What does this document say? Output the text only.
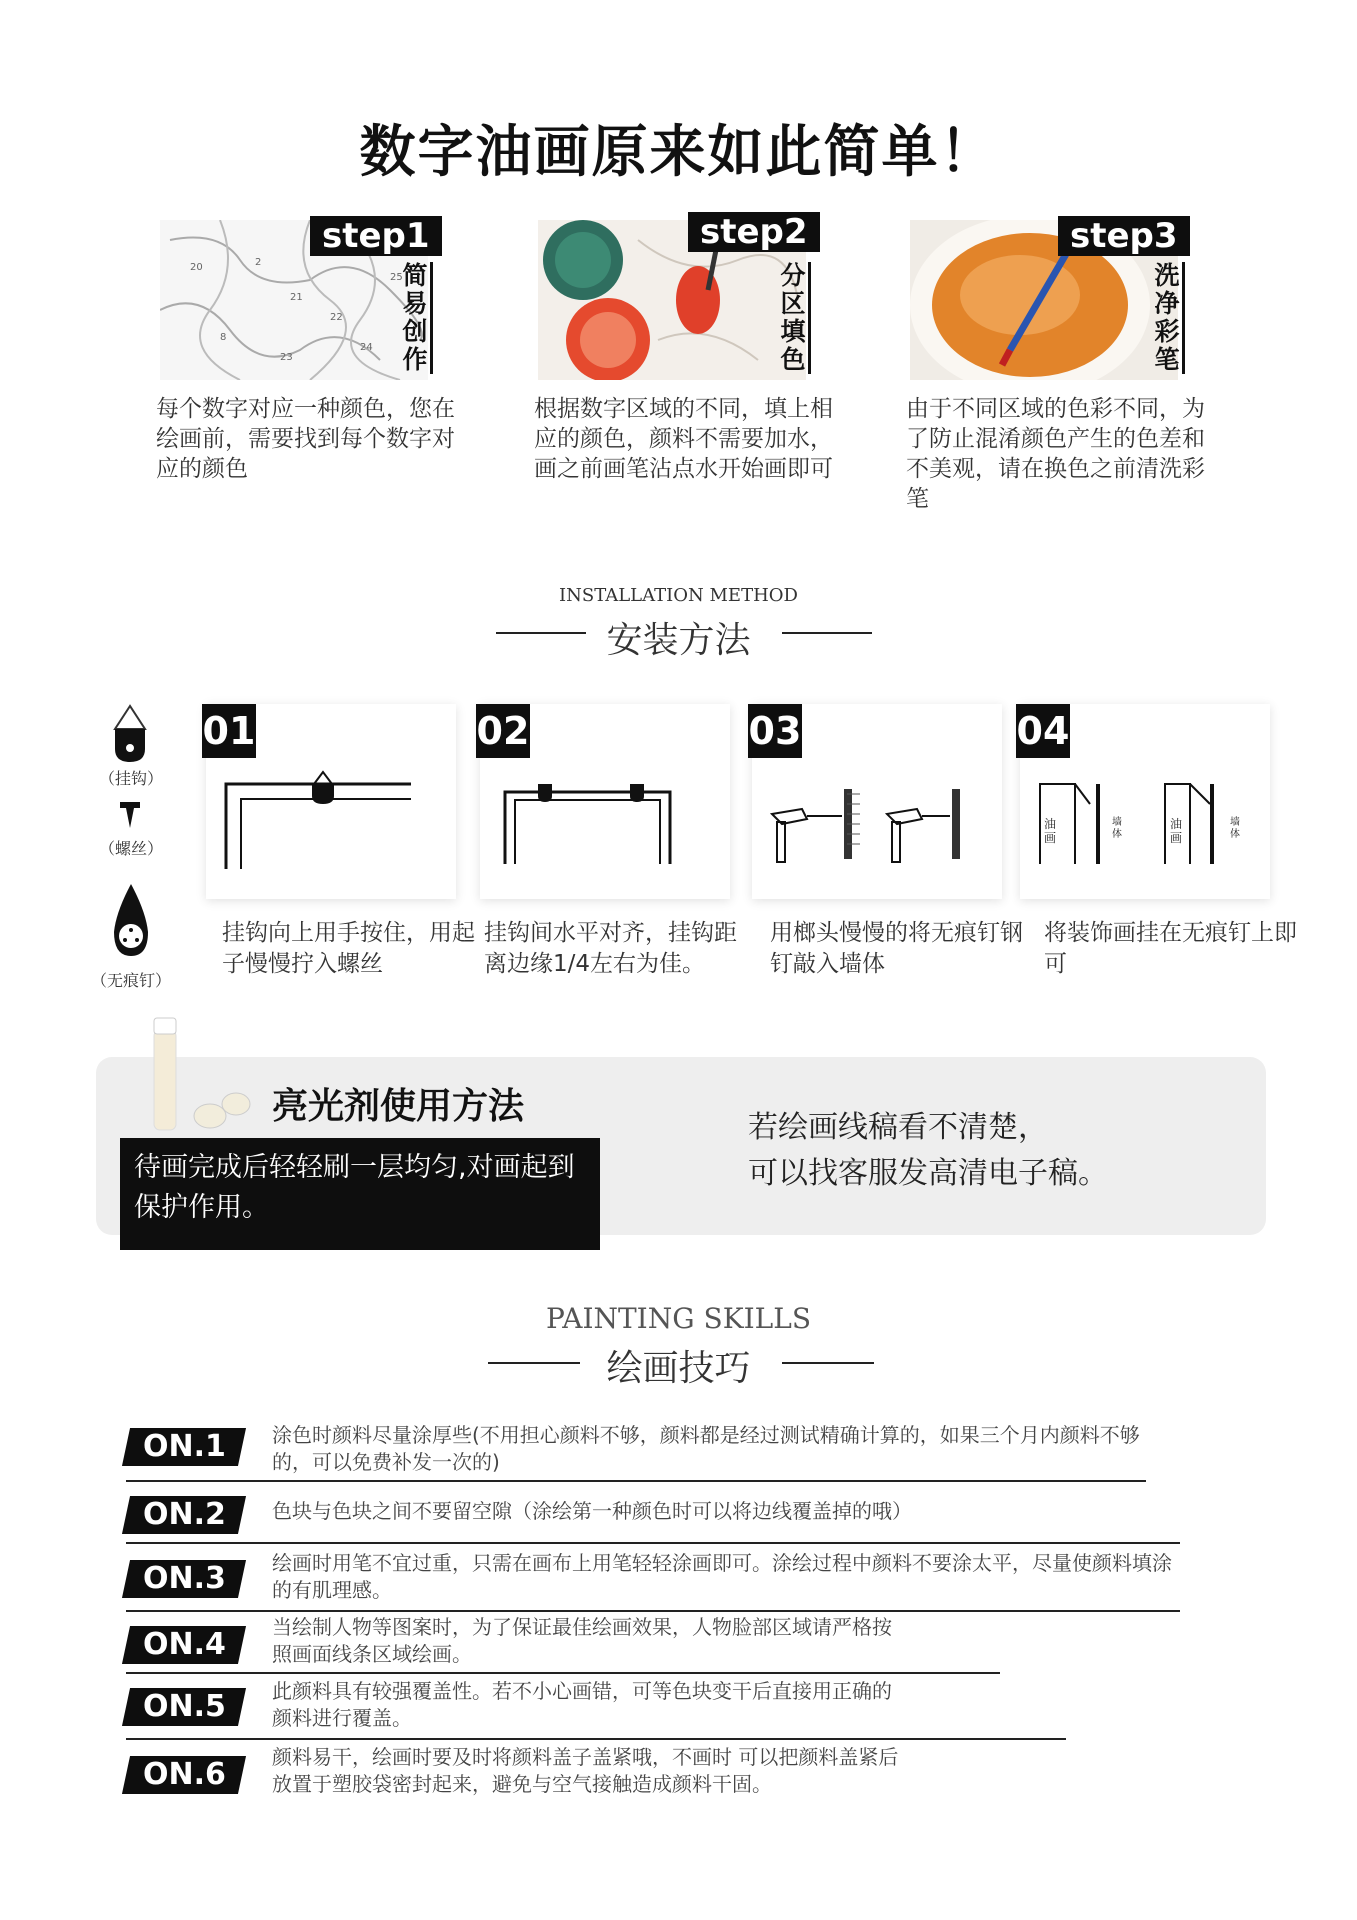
数字油画原来如此简单！
20	2
21
22
24
23
8
25
step1
简易创作
每个数字对应一种颜色，您在绘画前，需要找到每个数字对应的颜色
step2
分区填色
根据数字区域的不同，填上相应的颜色，颜料不需要加水，画之前画笔沾点水开始画即可
step3
洗净彩笔
由于不同区域的色彩不同，为了防止混淆颜色产生的色差和不美观，请在换色之前清洗彩笔
INSTALLATION METHOD
安装方法
（挂钩）
（螺丝）
（无痕钉）
01
挂钩向上用手按住，用起子慢慢拧入螺丝
02
挂钩间水平对齐，挂钩距离边缘1/4左右为佳。
03
用榔头慢慢的将无痕钉钢钉敲入墙体
油画
墙体
油画
墙体
04
将装饰画挂在无痕钉上即可
亮光剂使用方法
待画完成后轻轻刷一层均匀,对画起到保护作用。
若绘画线稿看不清楚，
可以找客服发高清电子稿。
PAINTING SKILLS
绘画技巧
ON.1	涂色时颜料尽量涂厚些(不用担心颜料不够，颜料都是经过测试精确计算的，如果三个月内颜料不够的，可以免费补发一次的)
ON.2	色块与色块之间不要留空隙（涂绘第一种颜色时可以将边线覆盖掉的哦）
ON.3	绘画时用笔不宜过重，只需在画布上用笔轻轻涂画即可。涂绘过程中颜料不要涂太平，尽量使颜料填涂的有肌理感。
ON.4	当绘制人物等图案时，为了保证最佳绘画效果，人物脸部区域请严格按照画面线条区域绘画。
ON.5	此颜料具有较强覆盖性。若不小心画错，可等色块变干后直接用正确的颜料进行覆盖。
ON.6	颜料易干，绘画时要及时将颜料盖子盖紧哦，不画时 可以把颜料盖紧后放置于塑胶袋密封起来，避免与空气接触造成颜料干固。
